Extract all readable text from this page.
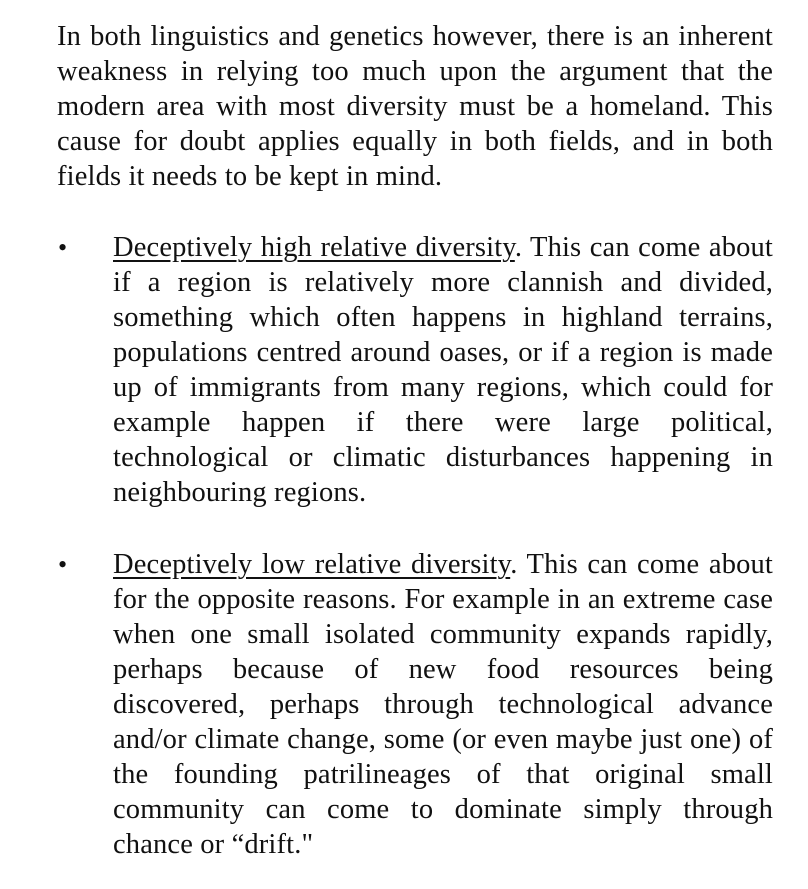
In both linguistics and genetics however, there is an inherent weakness in relying too much upon the argument that the modern area with most diversity must be a homeland. This cause for doubt applies equally in both fields, and in both fields it needs to be kept in mind.

• Deceptively high relative diversity. This can come about if a region is relatively more clannish and divided, something which often happens in highland terrains, populations centred around oases, or if a region is made up of immigrants from many regions, which could for example happen if there were large political, technological or climatic disturbances happening in neighbouring regions.

• Deceptively low relative diversity. This can come about for the opposite reasons. For example in an extreme case when one small isolated community expands rapidly, perhaps because of new food resources being discovered, perhaps through technological advance and/or climate change, some (or even maybe just one) of the founding patrilineages of that original small community can come to dominate simply through chance or “drift."
